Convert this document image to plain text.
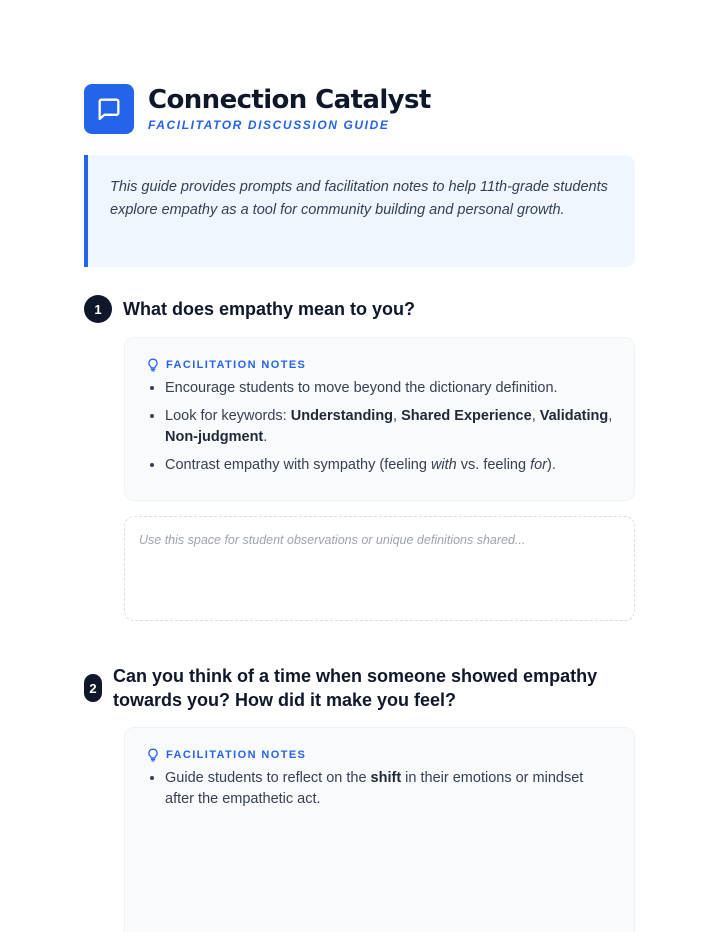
Connection Catalyst
FACILITATOR DISCUSSION GUIDE

This guide provides prompts and facilitation notes to help 11th-grade students explore empathy as a tool for community building and personal growth.

1	What does empathy mean to you?
FACILITATION NOTES
• Encourage students to move beyond the dictionary definition.
• Look for keywords: Understanding, Shared Experience, Validating, Non-judgment.
• Contrast empathy with sympathy (feeling with vs. feeling for).
Use this space for student observations or unique definitions shared...
2
Can you think of a time when someone showed empathy towards you? How did it make you feel?
FACILITATION NOTES
• Guide students to reflect on the shift in their emotions or mindset after the empathetic act.
